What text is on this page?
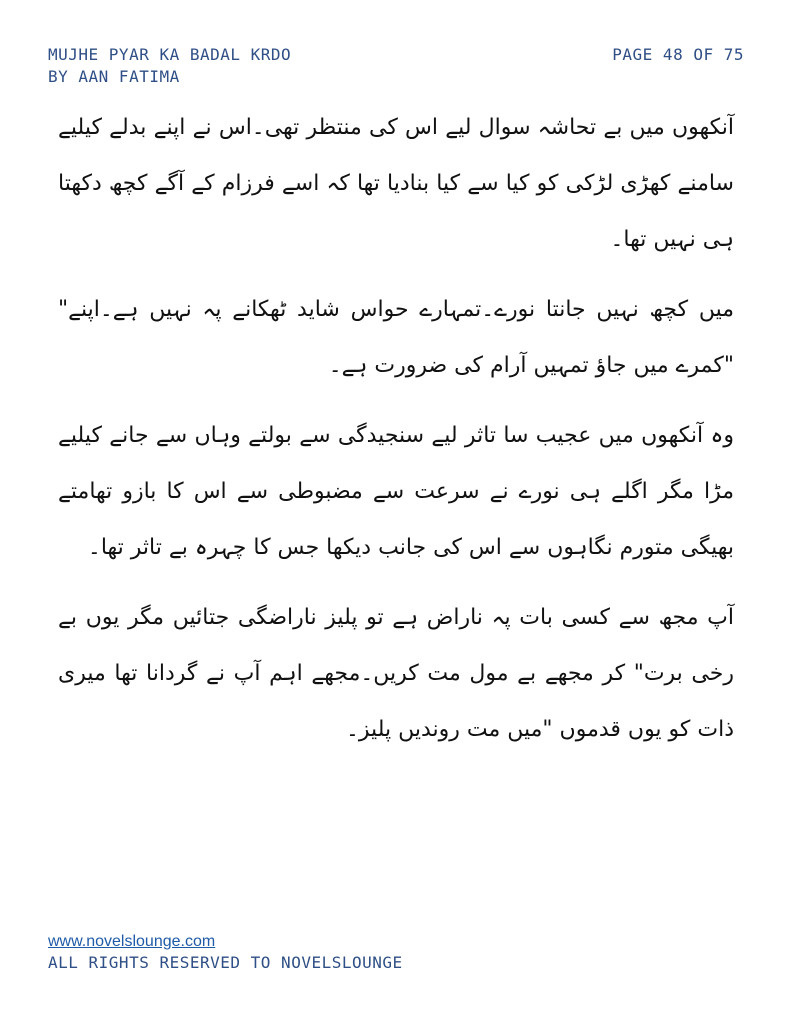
MUJHE PYAR KA BADAL KRDO
BY AAN FATIMA
PAGE 48 OF 75

آنکھوں میں بے تحاشہ سوال لیے اس کی منتظر تھی۔اس نے اپنے بدلے کیلیے سامنے کھڑی لڑکی کو کیا سے کیا بنادیا تھا کہ اسے فرزام کے آگے کچھ دکھتا ہی نہیں تھا۔

میں کچھ نہیں جانتا نورے۔تمہارے حواس شاید ٹھکانے پہ نہیں ہے۔اپنے" "کمرے میں جاؤ تمہیں آرام کی ضرورت ہے۔

وہ آنکھوں میں عجیب سا تاثر لیے سنجیدگی سے بولتے وہاں سے جانے کیلیے مڑا مگر اگلے ہی نورے نے سرعت سے مضبوطی سے اس کا بازو تھامتے بھیگی متورم نگاہوں سے اس کی جانب دیکھا جس کا چہرہ بے تاثر تھا۔

آپ مجھ سے کسی بات پہ ناراض ہے تو پلیز ناراضگی جتائیں مگر یوں بے رخی برت" کر مجھے بے مول مت کریں۔مجھے اہم آپ نے گردانا تھا میری ذات کو یوں قدموں "میں مت روندیں پلیز۔

www.novelslounge.com
ALL RIGHTS RESERVED TO NOVELSLOUNGE
